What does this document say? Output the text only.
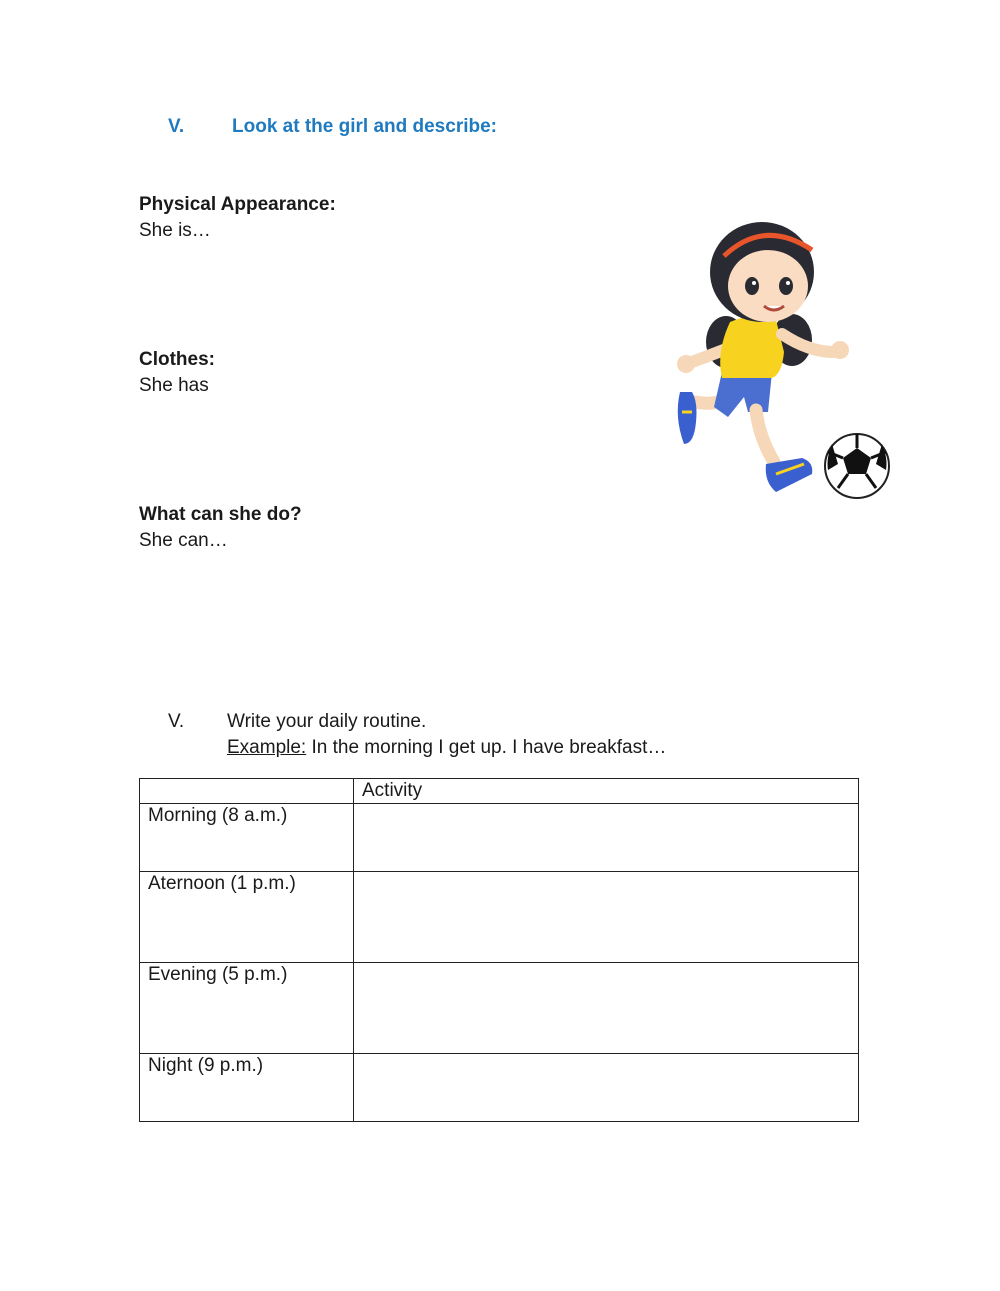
V.	Look at the girl and describe:
Physical Appearance:
She is…
Clothes:
She has
What can she do?
She can…
V. Write your daily routine.
Example: In the morning I get up. I have breakfast…
	Activity
Morning (8 a.m.)	
Aternoon (1 p.m.)	
Evening (5 p.m.)	
Night (9 p.m.)	
